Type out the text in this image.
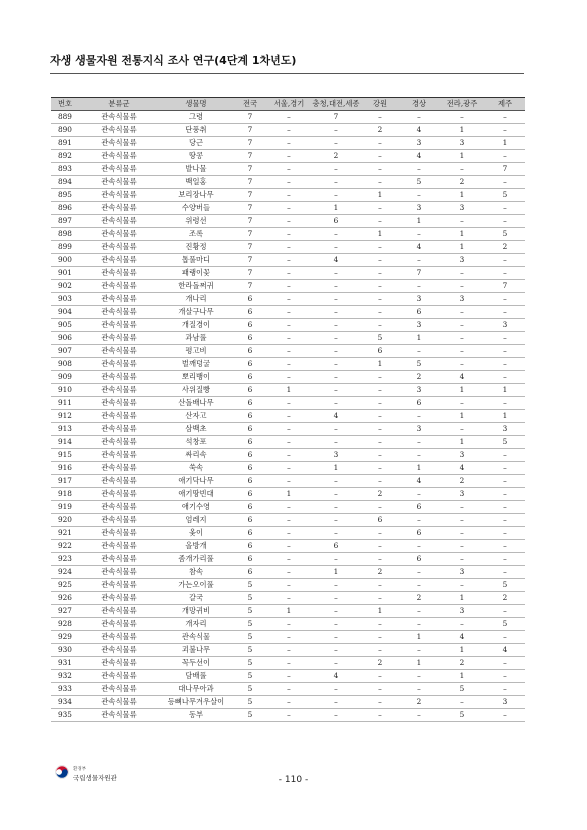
자생 생물자원 전통지식 조사 연구(4단계 1차년도)
번호	분류군	생물명	전국	서울,경기	충청,대전,세종	강원	경상	전라,광주	제주
889	관속식물류	그령	7	–	7	–	–	–	–
890	관속식물류	단풍취	7	–	–	2	4	1	–
891	관속식물류	당근	7	–	–	–	3	3	1
892	관속식물류	땅콩	7	–	2	–	4	1	–
893	관속식물류	발나물	7	–	–	–	–	–	7
894	관속식물류	백일홍	7	–	–	–	5	2	–
895	관속식물류	보리장나무	7	–	–	1	–	1	5
896	관속식물류	수양버들	7	–	1	–	3	3	–
897	관속식물류	위령선	7	–	6	–	1	–	–
898	관속식물류	조록	7	–	–	1	–	1	5
899	관속식물류	진황정	7	–	–	–	4	1	2
900	관속식물류	톱풀마디	7	–	4	–	–	3	–
901	관속식물류	패랭이꽃	7	–	–	–	7	–	–
902	관속식물류	한라돌쩌귀	7	–	–	–	–	–	7
903	관속식물류	개나리	6	–	–	–	3	3	–
904	관속식물류	개살구나무	6	–	–	–	6	–	–
905	관속식물류	개질경이	6	–	–	–	3	–	3
906	관속식물류	과남풀	6	–	–	5	1	–	–
907	관속식물류	평고비	6	–	–	6	–	–	–
908	관속식물류	벌깨덩굴	6	–	–	1	5	–	–
909	관속식물류	뽀리뱅이	6	–	–	–	2	4	–
910	관속식물류	사위질빵	6	1	–	–	3	1	1
911	관속식물류	산돌배나무	6	–	–	–	6	–	–
912	관속식물류	산자고	6	–	4	–	–	1	1
913	관속식물류	삼백초	6	–	–	–	3	–	3
914	관속식물류	석창포	6	–	–	–	–	1	5
915	관속식물류	싸리속	6	–	3	–	–	3	–
916	관속식물류	쑥속	6	–	1	–	1	4	–
917	관속식물류	애기닥나무	6	–	–	–	4	2	–
918	관속식물류	애기땅빈대	6	1	–	2	–	3	–
919	관속식물류	애기수영	6	–	–	–	6	–	–
920	관속식물류	엄레지	6	–	–	6	–	–	–
921	관속식물류	옻이	6	–	–	–	6	–	–
922	관속식물류	올방개	6	–	6	–	–	–	–
923	관속식물류	좀개가리풀	6	–	–	–	6	–	–
924	관속식물류	참속	6	–	1	2	–	3	–
925	관속식물류	가는오이풀	5	–	–	–	–	–	5
926	관속식물류	갈국	5	–	–	–	2	1	2
927	관속식물류	개망귀비	5	1	–	1	–	3	–
928	관속식물류	개자리	5	–	–	–	–	–	5
929	관속식물류	관속식물	5	–	–	–	1	4	–
930	관속식물류	괴불나무	5	–	–	–	–	1	4
931	관속식물류	꼭두선이	5	–	–	2	1	2	–
932	관속식물류	담배풀	5	–	4	–	–	1	–
933	관속식물류	대나무아과	5	–	–	–	–	5	–
934	관속식물류	등뼈나무겨우살이	5	–	–	–	2	–	3
935	관속식물류	동부	5	–	–	–	–	5	–
환경부
국립생물자원관	- 110 -
